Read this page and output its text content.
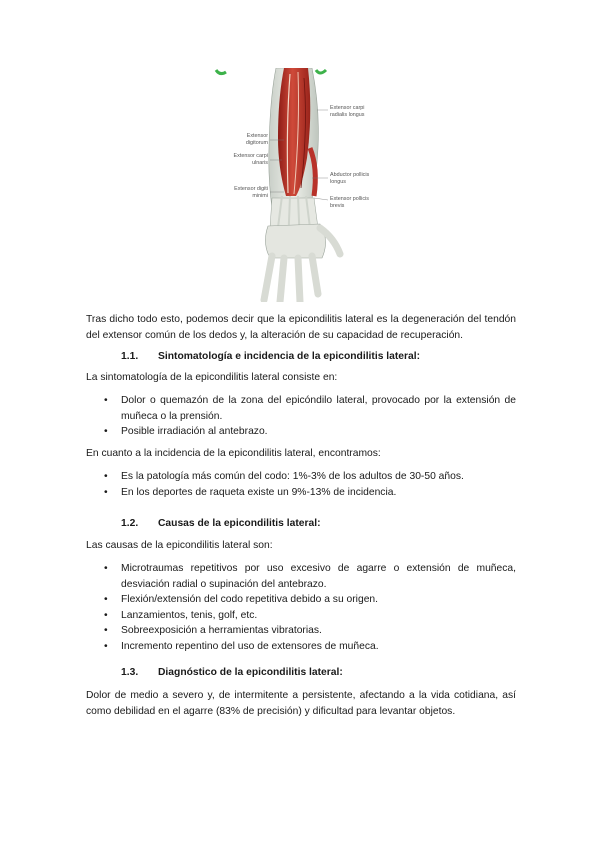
Extensor carpi
radialis longus
Extensor
digitorum
Extensor carpi
ulnaris
Abductor pollicis
longus
Extensor digiti
minimi
Extensor pollicis
brevis
Tras dicho todo esto, podemos decir que la epicondilitis lateral es la degeneración del tendón del extensor común de los dedos y, la alteración de su capacidad de recuperación.
1.1. Sintomatología e incidencia de la epicondilitis lateral:
La sintomatología de la epicondilitis lateral consiste en:
• Dolor o quemazón de la zona del epicóndilo lateral, provocado por la extensión de muñeca o la prensión.
• Posible irradiación al antebrazo.
En cuanto a la incidencia de la epicondilitis lateral, encontramos:
• Es la patología más común del codo: 1%-3% de los adultos de 30-50 años.
• En los deportes de raqueta existe un 9%-13% de incidencia.
1.2. Causas de la epicondilitis lateral:
Las causas de la epicondilitis lateral son:
• Microtraumas repetitivos por uso excesivo de agarre o extensión de muñeca, desviación radial o supinación del antebrazo.
• Flexión/extensión del codo repetitiva debido a su origen.
• Lanzamientos, tenis, golf, etc.
• Sobreexposición a herramientas vibratorias.
• Incremento repentino del uso de extensores de muñeca.
1.3. Diagnóstico de la epicondilitis lateral:
Dolor de medio a severo y, de intermitente a persistente, afectando a la vida cotidiana, así como debilidad en el agarre (83% de precisión) y dificultad para levantar objetos.
